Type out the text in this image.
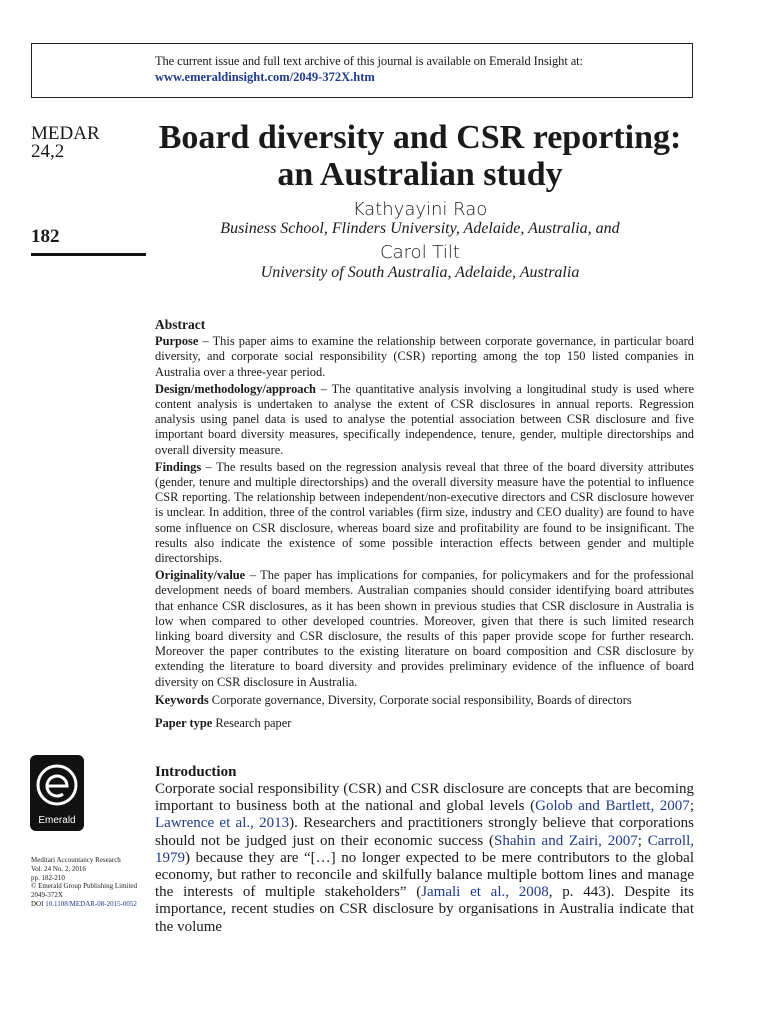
The current issue and full text archive of this journal is available on Emerald Insight at:
www.emeraldinsight.com/2049-372X.htm
MEDAR
24,2
182
Board diversity and CSR reporting: an Australian study
Kathyayini Rao
Business School, Flinders University, Adelaide, Australia, and
Carol Tilt
University of South Australia, Adelaide, Australia
Abstract

Purpose – This paper aims to examine the relationship between corporate governance, in particular board diversity, and corporate social responsibility (CSR) reporting among the top 150 listed companies in Australia over a three-year period.

Design/methodology/approach – The quantitative analysis involving a longitudinal study is used where content analysis is undertaken to analyse the extent of CSR disclosures in annual reports. Regression analysis using panel data is used to analyse the potential association between CSR disclosure and five important board diversity measures, specifically independence, tenure, gender, multiple directorships and overall diversity measure.

Findings – The results based on the regression analysis reveal that three of the board diversity attributes (gender, tenure and multiple directorships) and the overall diversity measure have the potential to influence CSR reporting. The relationship between independent/non-executive directors and CSR disclosure however is unclear. In addition, three of the control variables (firm size, industry and CEO duality) are found to have some influence on CSR disclosure, whereas board size and profitability are found to be insignificant. The results also indicate the existence of some possible interaction effects between gender and multiple directorships.

Originality/value – The paper has implications for companies, for policymakers and for the professional development needs of board members. Australian companies should consider identifying board attributes that enhance CSR disclosures, as it has been shown in previous studies that CSR disclosure in Australia is low when compared to other developed countries. Moreover, given that there is such limited research linking board diversity and CSR disclosure, the results of this paper provide scope for further research. Moreover the paper contributes to the existing literature on board composition and CSR disclosure by extending the literature to board diversity and provides preliminary evidence of the influence of board diversity on CSR disclosure in Australia.

Keywords Corporate governance, Diversity, Corporate social responsibility, Boards of directors
Paper type Research paper
Emerald
Meditari Accountancy Research
Vol. 24 No. 2, 2016
pp. 182-210
© Emerald Group Publishing Limited
2049-372X
DOI 10.1108/MEDAR-08-2015-0052
Introduction
Corporate social responsibility (CSR) and CSR disclosure are concepts that are becoming important to business both at the national and global levels (Golob and Bartlett, 2007; Lawrence et al., 2013). Researchers and practitioners strongly believe that corporations should not be judged just on their economic success (Shahin and Zairi, 2007; Carroll, 1979) because they are “[…] no longer expected to be mere contributors to the global economy, but rather to reconcile and skilfully balance multiple bottom lines and manage the interests of multiple stakeholders” (Jamali et al., 2008, p. 443). Despite its importance, recent studies on CSR disclosure by organisations in Australia indicate that the volume
